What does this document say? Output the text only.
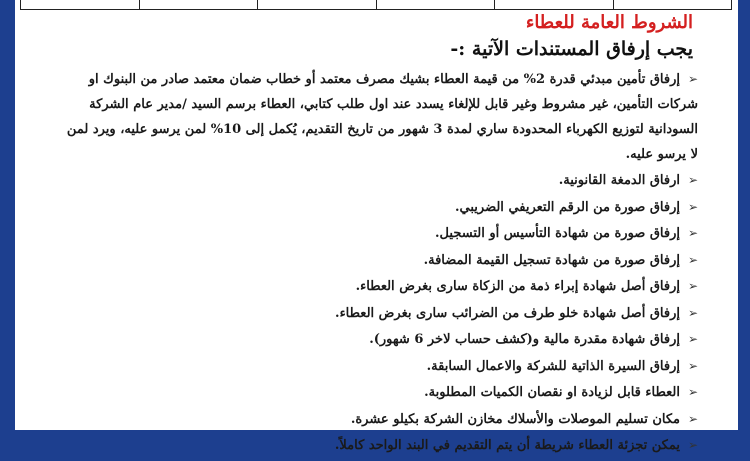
الشروط العامة للعطاء
يجب إرفاق المستندات الآتية :-
➢إرفاق تأمين مبدئي قدرة 2% من قيمة العطاء بشيك مصرف معتمد أو خطاب ضمان معتمد صادر من البنوك او شركات التأمين، غير مشروط وغير قابل للإلغاء يسدد عند اول طلب كتابي، العطاء برسم السيد /مدير عام الشركة السودانية لتوزيع الكهرباء المحدودة ساري لمدة 3 شهور من تاريخ التقديم، يُكمل إلى 10% لمن يرسو عليه، ويرد لمن لا يرسو عليه.
➢ارفاق الدمغة القانونية.
➢إرفاق صورة من الرقم التعريفي الضريبي.
➢إرفاق صورة من شهادة التأسيس أو التسجيل.
➢إرفاق صورة من شهادة تسجيل القيمة المضافة.
➢إرفاق أصل شهادة إبراء ذمة من الزكاة سارى بغرض العطاء.
➢إرفاق أصل شهادة خلو طرف من الضرائب سارى بغرض العطاء.
➢إرفاق شهادة مقدرة مالية و(كشف حساب لاخر 6 شهور).
➢إرفاق السيرة الذاتية للشركة والاعمال السابقة.
➢العطاء قابل لزيادة او نقصان الكميات المطلوبة.
➢مكان تسليم الموصلات والأسلاك مخازن الشركة بكيلو عشرة.
➢يمكن تجزئة العطاء شريطة أن يتم التقديم في البند الواحد كاملاً.
